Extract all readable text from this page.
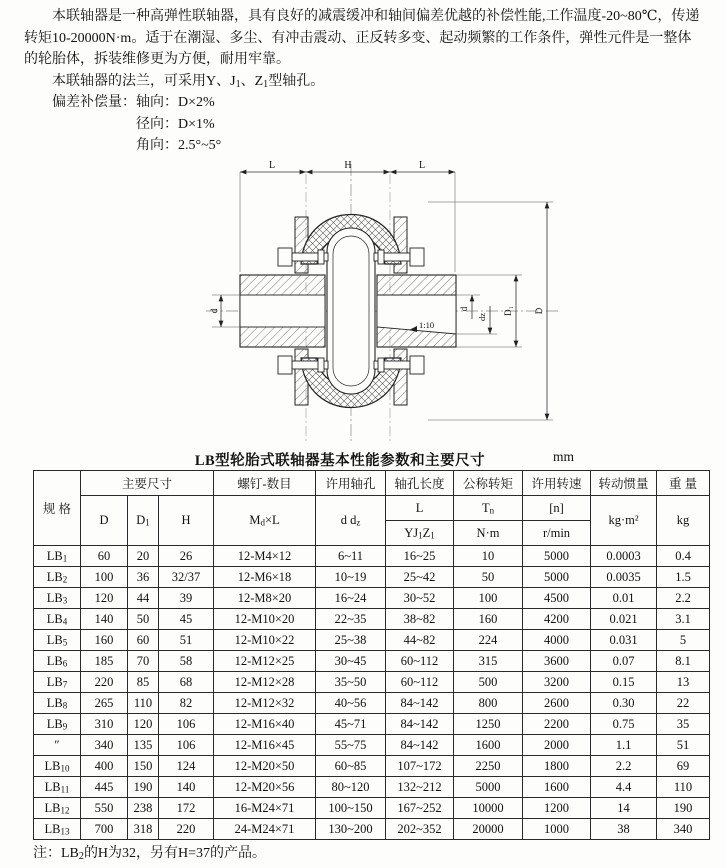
本联轴器是一种高弹性联轴器，具有良好的减震缓冲和轴间偏差优越的补偿性能,工作温度-20~80℃，传递转矩10-20000N·m。适于在潮湿、多尘、有冲击震动、正反转多变、起动频繁的工作条件，弹性元件是一整体的轮胎体，拆装维修更为方便，耐用牢靠。

本联轴器的法兰，可采用Y、$J_1$、$Z_1$型轴孔。

偏差补偿量： 轴向：D×2%
径向：D×1%
角向：2.5°~5°
1:10
L	H	L
d	d
dz
D₁ D
LB型轮胎式联轴器基本性能参数和主要尺寸	mm
规 格	主要尺寸			螺钉-数目	许用轴孔	轴孔长度	公称转矩	许用转速	转动惯量	重 量
	D	$D_1$	H	$M_d\times L$	d $d_z$	L	$T_n$	[n]	kg·m²	kg
						$YJ_1Z_1$	N·m	r/min		
$LB_1$	60	20	26	12-M4×12	6~11	16~25	10	5000	0.0003	0.4
$LB_2$	100	36	32/37	12-M6×18	10~19	25~42	50	5000	0.0035	1.5
$LB_3$	120	44	39	12-M8×20	16~24	30~52	100	4500	0.01	2.2
$LB_4$	140	50	45	12-M10×20	22~35	38~82	160	4200	0.021	3.1
$LB_5$	160	60	51	12-M10×22	25~38	44~82	224	4000	0.031	5
$LB_6$	185	70	58	12-M12×25	30~45	60~112	315	3600	0.07	8.1
$LB_7$	220	85	68	12-M12×28	35~50	60~112	500	3200	0.15	13
$LB_8$	265	110	82	12-M12×32	40~56	84~142	800	2600	0.30	22
$LB_9$	310	120	106	12-M16×40	45~71	84~142	1250	2200	0.75	35
″	340	135	106	12-M16×45	55~75	84~142	1600	2000	1.1	51
$LB_{10}$	400	150	124	12-M20×50	60~85	107~172	2250	1800	2.2	69
$LB_{11}$	445	190	140	12-M20×56	80~120	132~212	5000	1600	4.4	110
$LB_{12}$	550	238	172	16-M24×71	100~150	167~252	10000	1200	14	190
$LB_{13}$	700	318	220	24-M24×71	130~200	202~352	20000	1000	38	340

注：$LB_2$的H为32，另有H=37的产品。
